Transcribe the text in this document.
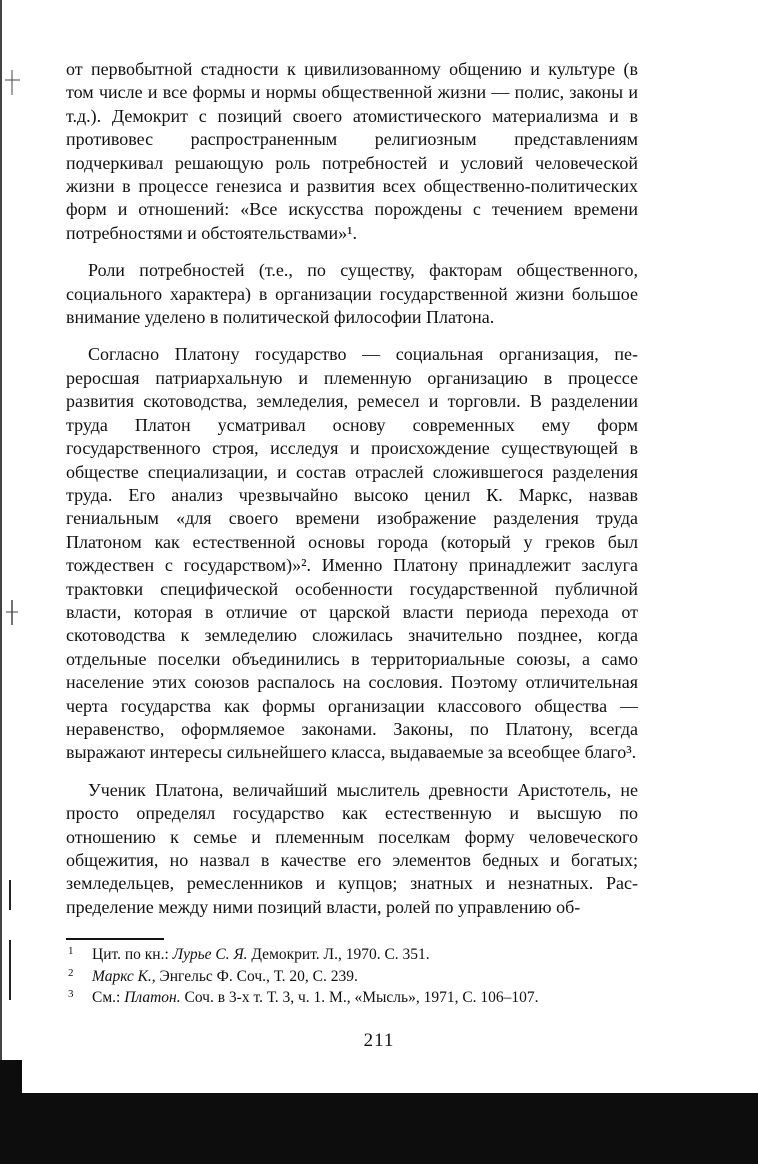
от первобытной стадности к цивилизованному общению и культуре (в том числе и все формы и нормы общественной жизни — полис, законы и т.д.). Демокрит с позиций своего атомистического материализма и в противовес распространенным религиозным представлениям подчеркивал решающую роль потребностей и условий человеческой жизни в процессе генезиса и развития всех общественно-политических форм и отношений: «Все искусства порождены с течением времени потребностями и обстоятельствами»¹.

Роли потребностей (т.е., по существу, факторам общественного, социального характера) в организации государственной жизни большое внимание уделено в политической философии Платона.

Согласно Платону государство — социальная организация, переросшая патриархальную и племенную организацию в процессе развития скотоводства, земледелия, ремесел и торговли. В разделении труда Платон усматривал основу современных ему форм государственного строя, исследуя и происхождение существующей в обществе специализации, и состав отраслей сложившегося разделения труда. Его анализ чрезвычайно высоко ценил К. Маркс, назвав гениальным «для своего времени изображение разделения труда Платоном как естественной основы города (который у греков был тождествен с государством)»². Именно Платону принадлежит заслуга трактовки специфической особенности государственной публичной власти, которая в отличие от царской власти периода перехода от скотоводства к земледелию сложилась значительно позднее, когда отдельные поселки объединились в территориальные союзы, а само население этих союзов распалось на сословия. Поэтому отличительная черта государства как формы организации классового общества — неравенство, оформляемое законами. Законы, по Платону, всегда выражают интересы сильнейшего класса, выдаваемые за всеобщее благо³.

Ученик Платона, величайший мыслитель древности Аристотель, не просто определял государство как естественную и высшую по отношению к семье и племенным поселкам форму человеческого общежития, но назвал в качестве его элементов бедных и богатых; земледельцев, ремесленников и купцов; знатных и незнатных. Распределение между ними позиций власти, ролей по управлению об-

1 Цит. по кн.: Лурье С. Я. Демокрит. Л., 1970. С. 351.
2 Маркс К., Энгельс Ф. Соч., Т. 20, С. 239.
3 См.: Платон. Соч. в 3-х т. Т. 3, ч. 1. М., «Мысль», 1971, С. 106–107.
211
